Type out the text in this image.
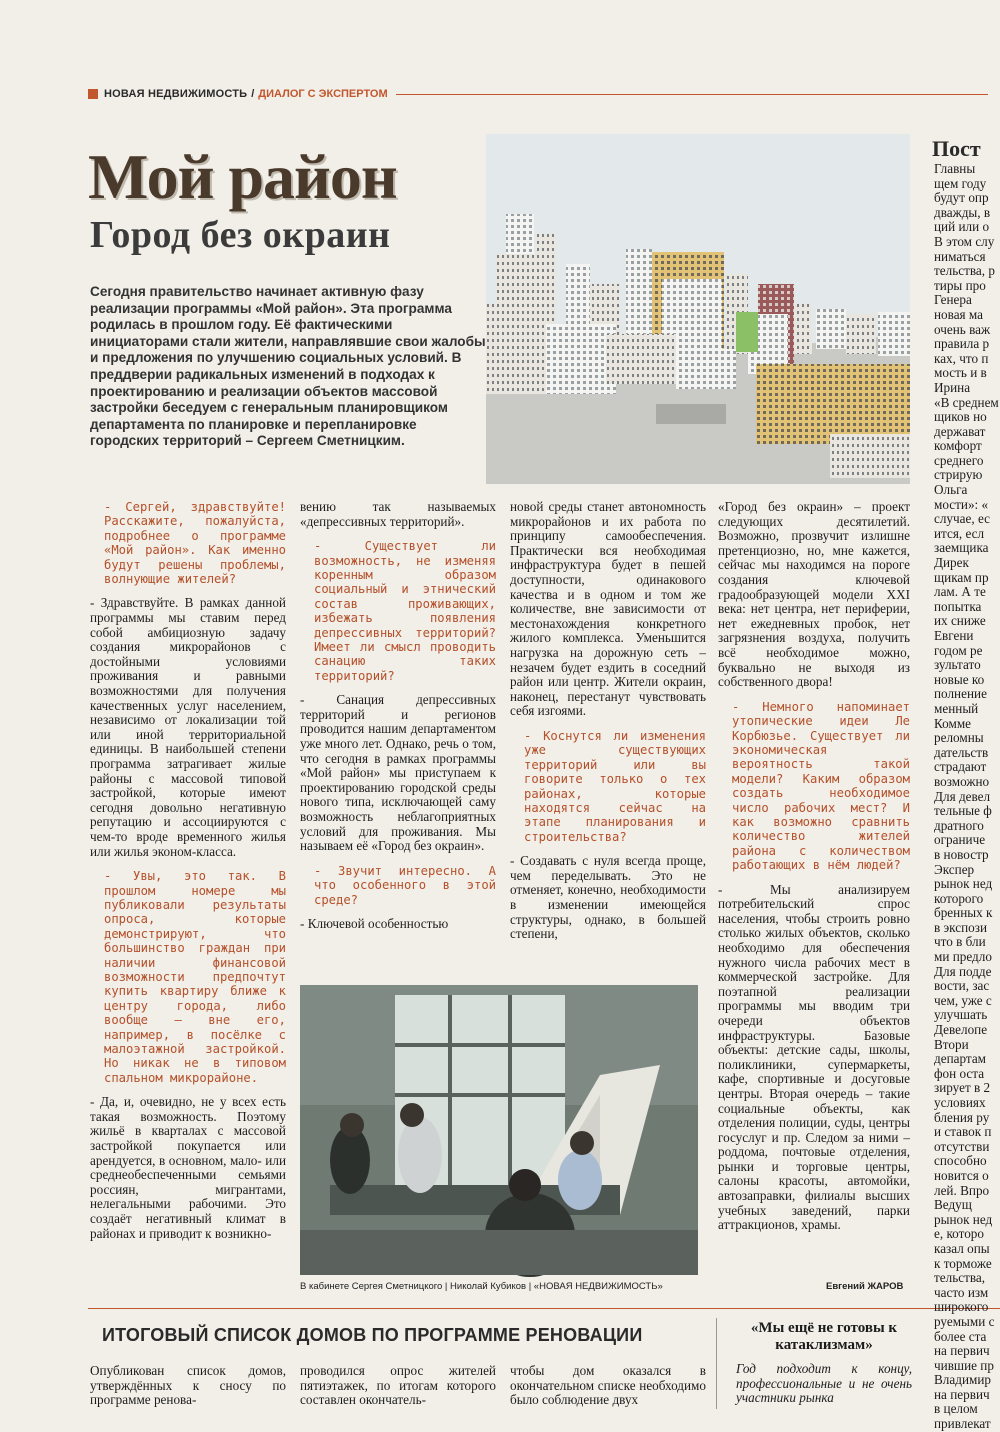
НОВАЯ НЕДВИЖИМОСТЬ / ДИАЛОГ С ЭКСПЕРТОМ
Мой район
Город без окраин
Сегодня правительство начинает активную фазу реализации программы «Мой район». Эта программа родилась в прошлом году. Её фактическими инициаторами стали жители, направлявшие свои жалобы и предложения по улучшению социальных условий. В преддверии радикальных изменений в подходах к проектированию и реализации объектов массовой застройки беседуем с генеральным планировщиком департамента по планировке и перепланировке городских территорий – Сергеем Сметницким.

- Сергей, здравствуйте! Расскажите, пожалуйста, подробнее о программе «Мой район». Как именно будут решены проблемы, волнующие жителей?

- Здравствуйте. В рамках данной программы мы ставим перед собой амбициозную задачу создания микрорайонов с достойными условиями проживания и равными возможностями для получения качественных услуг населением, независимо от локализации той или иной территориальной единицы. В наибольшей степени программа затрагивает жилые районы с массовой типовой застройкой, которые имеют сегодня довольно негативную репутацию и ассоциируются с чем-то вроде временного жилья или жилья эконом-класса.

- Увы, это так. В прошлом номере мы публиковали результаты опроса, которые демонстрируют, что большинство граждан при наличии финансовой возможности предпочтут купить квартиру ближе к центру города, либо вообще – вне его, например, в посёлке с малоэтажной застройкой. Но никак не в типовом спальном микрорайоне.

- Да, и, очевидно, не у всех есть такая возможность. Поэтому жильё в кварталах с массовой застройкой покупается или арендуется, в основном, мало- или среднеобеспеченными семьями россиян, мигрантами, нелегальными рабочими. Это создаёт негативный климат в районах и приводит к возникно-

вению так называемых «депрессивных территорий».

- Существует ли возможность, не изменяя коренным образом социальный и этнический состав проживающих, избежать появления депрессивных территорий? Имеет ли смысл проводить санацию таких территорий?

- Санация депрессивных территорий и регионов проводится нашим департаментом уже много лет. Однако, речь о том, что сегодня в рамках программы «Мой район» мы приступаем к проектированию городской среды нового типа, исключающей саму возможность неблагоприятных условий для проживания. Мы называем её «Город без окраин».

- Звучит интересно. А что особенного в этой среде?

- Ключевой особенностью

новой среды станет автономность микрорайонов и их работа по принципу самообеспечения. Практически вся необходимая инфраструктура будет в пешей доступности, одинакового качества и в одном и том же количестве, вне зависимости от местонахождения конкретного жилого комплекса. Уменьшится нагрузка на дорожную сеть – незачем будет ездить в соседний район или центр. Жители окраин, наконец, перестанут чувствовать себя изгоями.

- Коснутся ли изменения уже существующих территорий или вы говорите только о тех районах, которые находятся сейчас на этапе планирования и строительства?

- Создавать с нуля всегда проще, чем переделывать. Это не отменяет, конечно, необходимости в изменении имеющейся структуры, однако, в большей степени,

«Город без окраин» – проект следующих десятилетий. Возможно, прозвучит излишне претенциозно, но, мне кажется, сейчас мы находимся на пороге создания ключевой градообразующей модели XXI века: нет центра, нет периферии, нет ежедневных пробок, нет загрязнения воздуха, получить всё необходимое можно, буквально не выходя из собственного двора!

- Немного напоминает утопические идеи Ле Корбюзье. Существует ли экономическая вероятность такой модели? Каким образом создать необходимое число рабочих мест? И как возможно сравнить количество жителей района с количеством работающих в нём людей?

- Мы анализируем потребительский спрос населения, чтобы строить ровно столько жилых объектов, сколько необходимо для обеспечения нужного числа рабочих мест в коммерческой застройке. Для поэтапной реализации программы мы вводим три очереди объектов инфраструктуры. Базовые объекты: детские сады, школы, поликлиники, супермаркеты, кафе, спортивные и досуговые центры. Вторая очередь – такие социальные объекты, как отделения полиции, суды, центры госуслуг и пр. Следом за ними – роддома, почтовые отделения, рынки и торговые центры, салоны красоты, автомойки, автозаправки, филиалы высших учебных заведений, парки аттракционов, храмы.

В кабинете Сергея Сметницкого | Николай Кубиков | «НОВАЯ НЕДВИЖИМОСТЬ»	Евгений ЖАРОВ
ИТОГОВЫЙ СПИСОК ДОМОВ ПО ПРОГРАММЕ РЕНОВАЦИИ
Опубликован список домов, утверждённых к сносу по программе ренова-
проводился опрос жителей пятиэтажек, по итогам которого составлен окончатель-
чтобы дом оказался в окончательном списке необходимо было соблюдение двух
«Мы ещё не готовы к катаклизмам»
Год подходит к концу, профессиональные и не очень участники рынка
Пост
Главны
щем году
будут опр
дважды, в
ций или о
В этом слу
ниматься
тельства, р
тиры про
Генера
новая ма
очень важ
правила р
ках, что п
мость и в
Ирина
«В среднем
щиков но
держават
комфорт
среднего
стрирую
Ольга
мости»: «
случае, ес
ится, есл
заемщика
Дирек
щикам пр
лам. А те
попытка
их сниже
Евгени
годом ре
зультато
новые ко
полнение
менный
Комме
реломны
дательств
страдают
возможно
Для девел
тельные ф
дратного
ограниче
в новостр
Экспер
рынок нед
которого
бренных к
в экспози
что в бли
ми предло
Для подде
вости, зас
чем, уже с
улучшать
Девелопе
Втори
департам
фон оста
зирует в 2
условиях
бления ру
и ставок п
отсутстви
способно
новится о
лей. Впро
Ведущ
рынок нед
е, которо
казал опы
к торможе
тельства,
часто изм
широкого
руемыми с
более ста
на первич
чившие пр
Владимир
на первич
в целом
привлекат
